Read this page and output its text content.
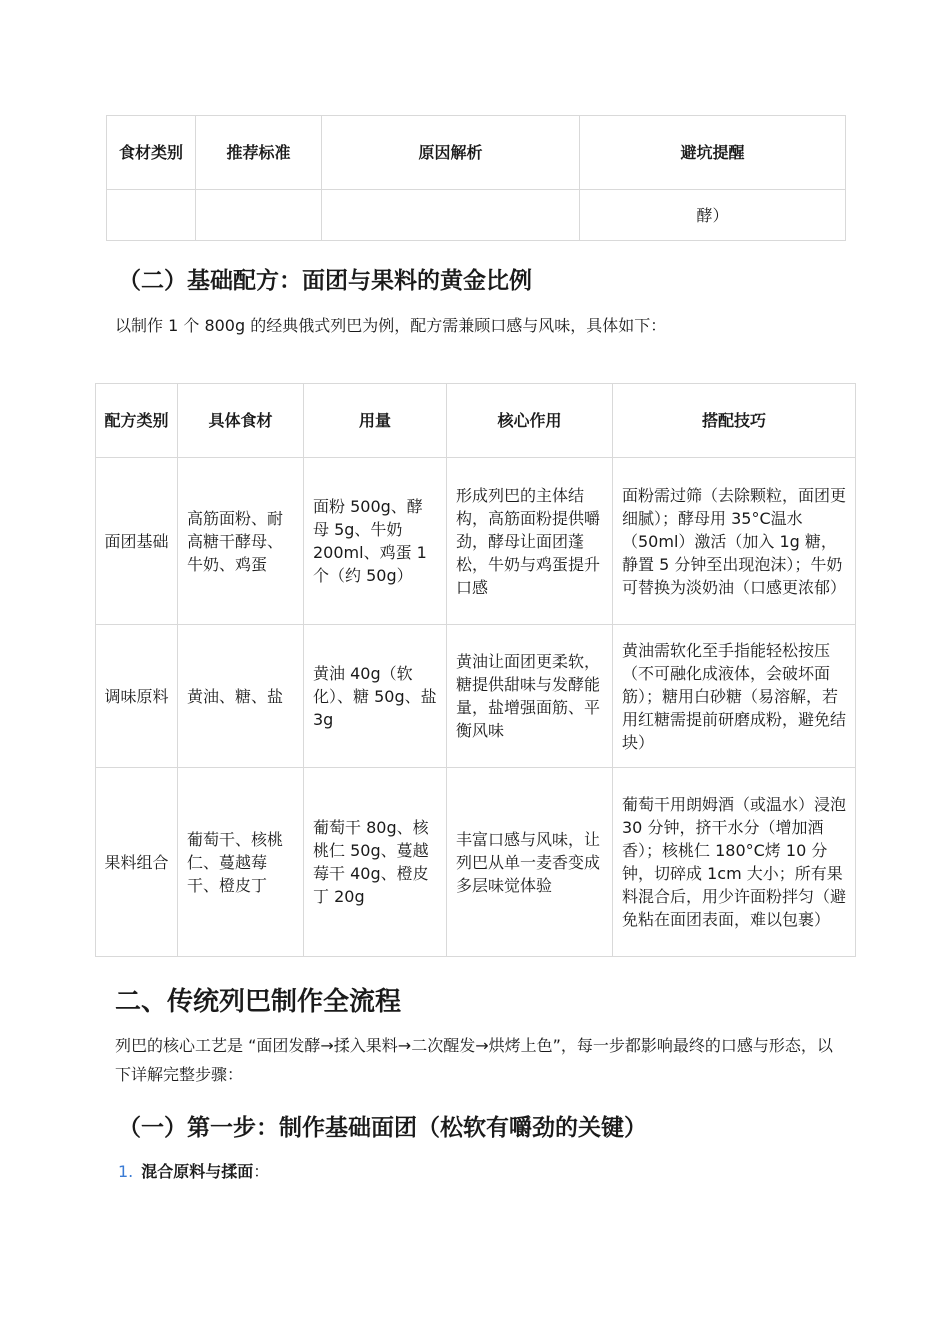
食材类别	推荐标准	原因解析	避坑提醒
			酵）
（二）基础配方：面团与果料的黄金比例

以制作 1 个 800g 的经典俄式列巴为例，配方需兼顾口感与风味，具体如下：

配方类别	具体食材	用量	核心作用	搭配技巧
面团基础	高筋面粉、耐高糖干酵母、牛奶、鸡蛋	面粉 500g、酵母 5g、牛奶 200ml、鸡蛋 1 个（约 50g）	形成列巴的主体结构，高筋面粉提供嚼劲，酵母让面团蓬松，牛奶与鸡蛋提升口感	面粉需过筛（去除颗粒，面团更细腻）；酵母用 35°C温水（50ml）激活（加入 1g 糖，静置 5 分钟至出现泡沫）；牛奶可替换为淡奶油（口感更浓郁）
调味原料	黄油、糖、盐	黄油 40g（软化）、糖 50g、盐 3g	黄油让面团更柔软，糖提供甜味与发酵能量，盐增强面筋、平衡风味	黄油需软化至手指能轻松按压（不可融化成液体，会破坏面筋）；糖用白砂糖（易溶解，若用红糖需提前研磨成粉，避免结块）
果料组合	葡萄干、核桃仁、蔓越莓干、橙皮丁	葡萄干 80g、核桃仁 50g、蔓越莓干 40g、橙皮丁 20g	丰富口感与风味，让列巴从单一麦香变成多层味觉体验	葡萄干用朗姆酒（或温水）浸泡 30 分钟，挤干水分（增加酒香）；核桃仁 180°C烤 10 分钟，切碎成 1cm 大小；所有果料混合后，用少许面粉拌匀（避免粘在面团表面，难以包裹）
二、传统列巴制作全流程

列巴的核心工艺是 “面团发酵→揉入果料→二次醒发→烘烤上色”，每一步都影响最终的口感与形态，以下详解完整步骤：

（一）第一步：制作基础面团（松软有嚼劲的关键）
1. 混合原料与揉面：
